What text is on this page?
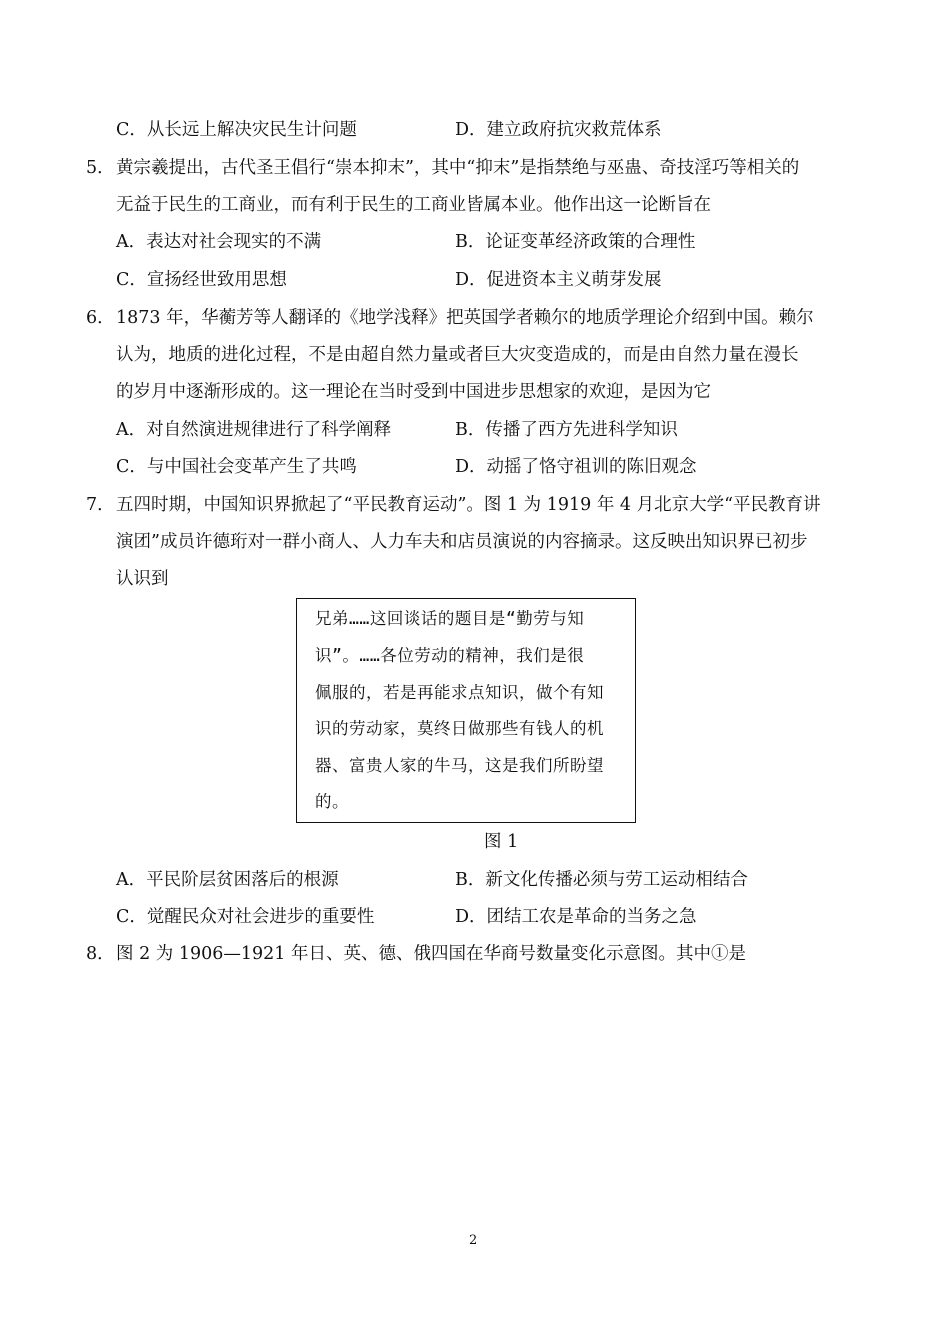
C．从长远上解决灾民生计问题	D．建立政府抗灾救荒体系
5． 黄宗羲提出，古代圣王倡行“崇本抑末”，其中“抑末”是指禁绝与巫蛊、奇技淫巧等相关的
无益于民生的工商业，而有利于民生的工商业皆属本业。他作出这一论断旨在
A．表达对社会现实的不满	B．论证变革经济政策的合理性
C．宣扬经世致用思想	D．促进资本主义萌芽发展
6． 1873 年，华蘅芳等人翻译的《地学浅释》把英国学者赖尔的地质学理论介绍到中国。赖尔
认为，地质的进化过程，不是由超自然力量或者巨大灾变造成的，而是由自然力量在漫长
的岁月中逐渐形成的。这一理论在当时受到中国进步思想家的欢迎，是因为它
A．对自然演进规律进行了科学阐释	B．传播了西方先进科学知识
C．与中国社会变革产生了共鸣	D．动摇了恪守祖训的陈旧观念
7． 五四时期，中国知识界掀起了“平民教育运动”。图 1 为 1919 年 4 月北京大学“平民教育讲
演团”成员许德珩对一群小商人、人力车夫和店员演说的内容摘录。这反映出知识界已初步
认识到
兄弟……这回谈话的题目是“勤劳与知
识”。……各位劳动的精神，我们是很
佩服的，若是再能求点知识，做个有知
识的劳动家，莫终日做那些有钱人的机
器、富贵人家的牛马，这是我们所盼望
的。
图 1
A．平民阶层贫困落后的根源	B．新文化传播必须与劳工运动相结合
C．觉醒民众对社会进步的重要性	D．团结工农是革命的当务之急
8． 图 2 为 1906—1921 年日、英、德、俄四国在华商号数量变化示意图。其中①是
2
